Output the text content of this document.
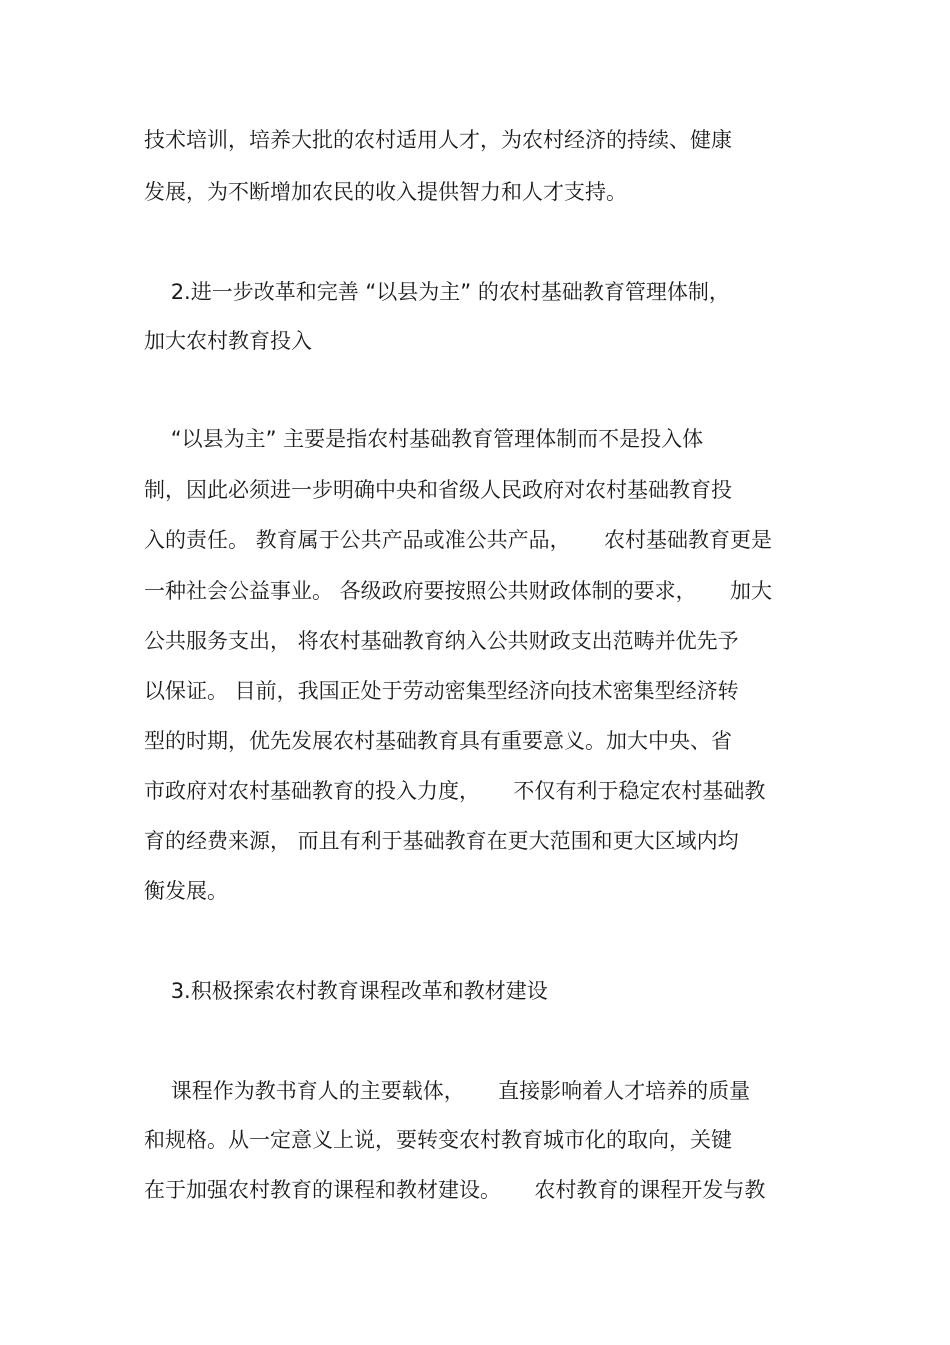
技术培训，培养大批的农村适用人才，为农村经济的持续、健康
发展，为不断增加农民的收入提供智力和人才支持。
2.进一步改革和完善 “以县为主” 的农村基础教育管理体制，
加大农村教育投入
“以县为主” 主要是指农村基础教育管理体制而不是投入体
制，因此必须进一步明确中央和省级人民政府对农村基础教育投
入的责任。 教育属于公共产品或准公共产品，     农村基础教育更是
一种社会公益事业。 各级政府要按照公共财政体制的要求，     加大
公共服务支出， 将农村基础教育纳入公共财政支出范畴并优先予
以保证。 目前，我国正处于劳动密集型经济向技术密集型经济转
型的时期，优先发展农村基础教育具有重要意义。加大中央、省
市政府对农村基础教育的投入力度，     不仅有利于稳定农村基础教
育的经费来源， 而且有利于基础教育在更大范围和更大区域内均
衡发展。
3.积极探索农村教育课程改革和教材建设
课程作为教书育人的主要载体，     直接影响着人才培养的质量
和规格。从一定意义上说，要转变农村教育城市化的取向，关键
在于加强农村教育的课程和教材建设。     农村教育的课程开发与教
